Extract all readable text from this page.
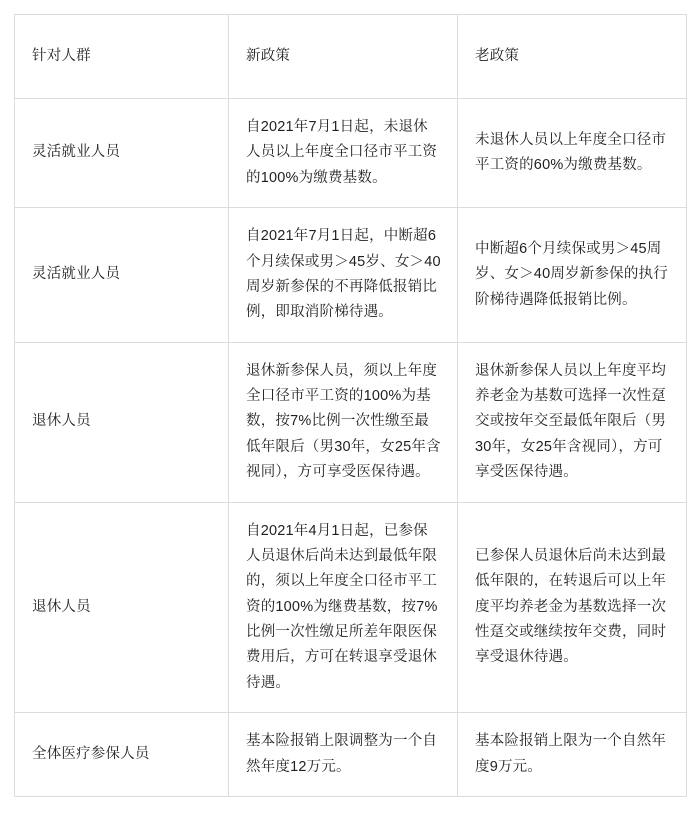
针对人群	新政策	老政策
灵活就业人员	自2021年7月1日起，未退休人员以上年度全口径市平工资的100%为缴费基数。	未退休人员以上年度全口径市平工资的60%为缴费基数。
灵活就业人员	自2021年7月1日起，中断超6个月续保或男＞45岁、女＞40周岁新参保的不再降低报销比例，即取消阶梯待遇。	中断超6个月续保或男＞45周岁、女＞40周岁新参保的执行阶梯待遇降低报销比例。
退休人员	退休新参保人员，须以上年度全口径市平工资的100%为基数，按7%比例一次性缴至最低年限后（男30年，女25年含视同），方可享受医保待遇。	退休新参保人员以上年度平均养老金为基数可选择一次性趸交或按年交至最低年限后（男30年，女25年含视同），方可享受医保待遇。
退休人员	自2021年4月1日起，已参保人员退休后尚未达到最低年限的，须以上年度全口径市平工资的100%为继费基数，按7%比例一次性缴足所差年限医保费用后，方可在转退享受退休待遇。	已参保人员退休后尚未达到最低年限的，在转退后可以上年度平均养老金为基数选择一次性趸交或继续按年交费，同时享受退休待遇。
全体医疗参保人员	基本险报销上限调整为一个自然年度12万元。	基本险报销上限为一个自然年度9万元。
